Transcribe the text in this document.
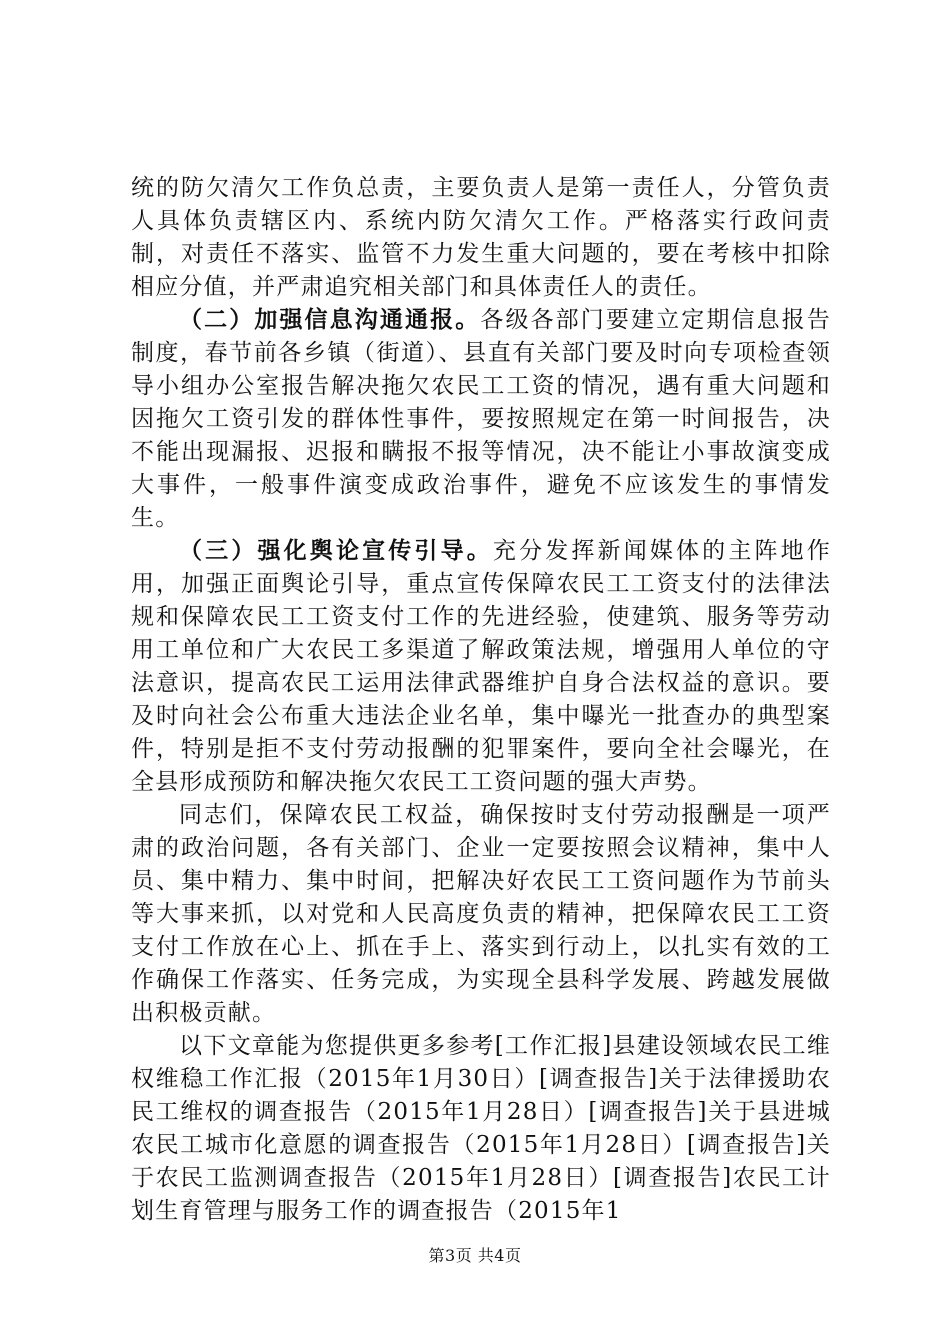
统的防欠清欠工作负总责，主要负责人是第一责任人，分管负责人具体负责辖区内、系统内防欠清欠工作。严格落实行政问责制，对责任不落实、监管不力发生重大问题的，要在考核中扣除相应分值，并严肃追究相关部门和具体责任人的责任。

（二）加强信息沟通通报。各级各部门要建立定期信息报告制度，春节前各乡镇（街道）、县直有关部门要及时向专项检查领导小组办公室报告解决拖欠农民工工资的情况，遇有重大问题和因拖欠工资引发的群体性事件，要按照规定在第一时间报告，决不能出现漏报、迟报和瞒报不报等情况，决不能让小事故演变成大事件，一般事件演变成政治事件，避免不应该发生的事情发生。

（三）强化舆论宣传引导。充分发挥新闻媒体的主阵地作用，加强正面舆论引导，重点宣传保障农民工工资支付的法律法规和保障农民工工资支付工作的先进经验，使建筑、服务等劳动用工单位和广大农民工多渠道了解政策法规，增强用人单位的守法意识，提高农民工运用法律武器维护自身合法权益的意识。要及时向社会公布重大违法企业名单，集中曝光一批查办的典型案件，特别是拒不支付劳动报酬的犯罪案件，要向全社会曝光，在全县形成预防和解决拖欠农民工工资问题的强大声势。

同志们，保障农民工权益，确保按时支付劳动报酬是一项严肃的政治问题，各有关部门、企业一定要按照会议精神，集中人员、集中精力、集中时间，把解决好农民工工资问题作为节前头等大事来抓，以对党和人民高度负责的精神，把保障农民工工资支付工作放在心上、抓在手上、落实到行动上，以扎实有效的工作确保工作落实、任务完成，为实现全县科学发展、跨越发展做出积极贡献。

以下文章能为您提供更多参考[工作汇报]县建设领域农民工维权维稳工作汇报（2015年1月30日）[调查报告]关于法律援助农民工维权的调查报告（2015年1月28日）[调查报告]关于县进城农民工城市化意愿的调查报告（2015年1月28日）[调查报告]关于农民工监测调查报告（2015年1月28日）[调查报告]农民工计划生育管理与服务工作的调查报告（2015年1

第3页 共4页
